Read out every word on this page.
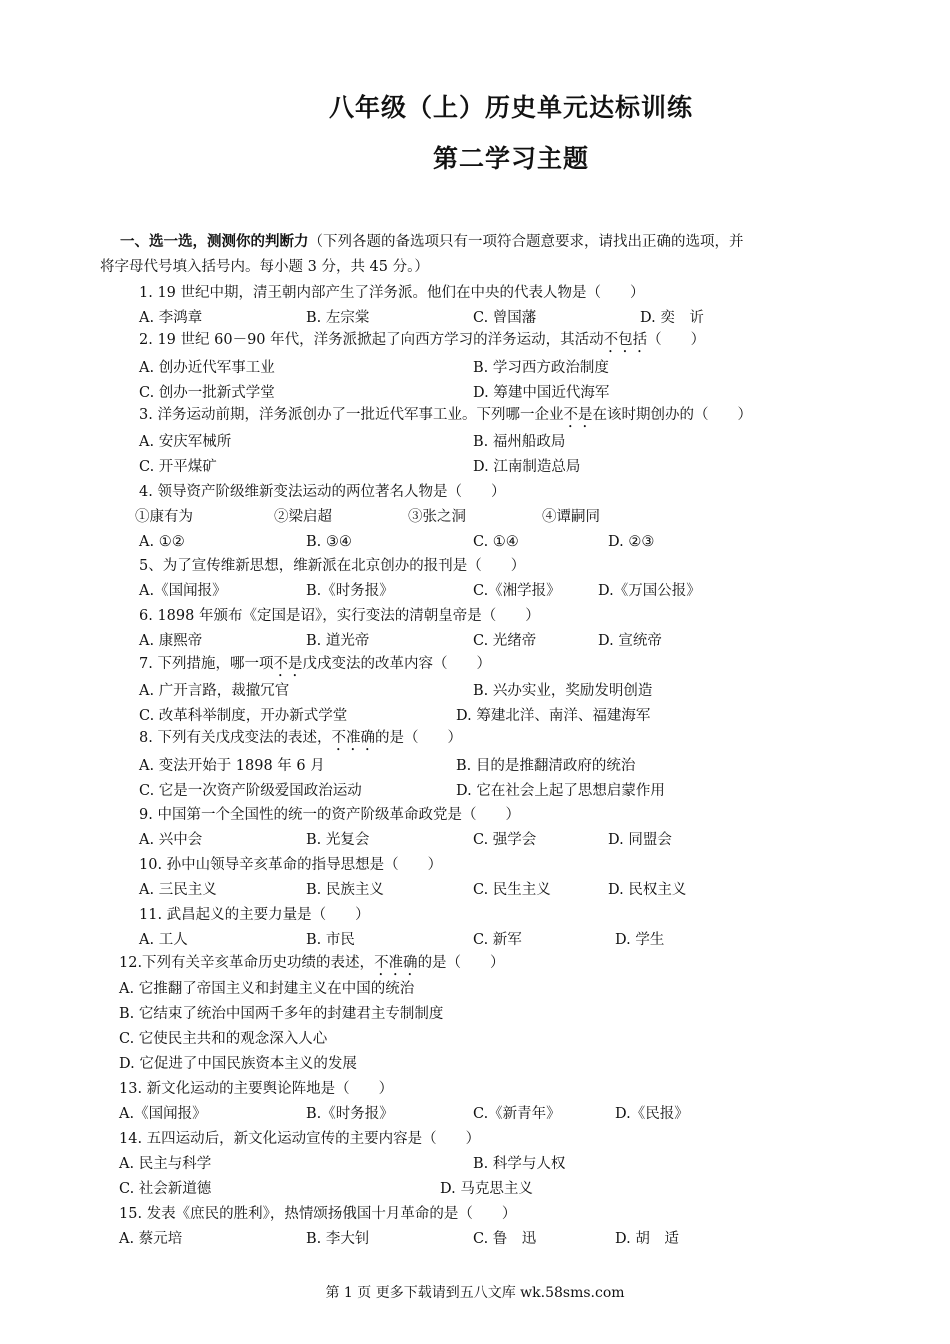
八年级（上）历史单元达标训练
第二学习主题
一、选一选，测测你的判断力（下列各题的备选项只有一项符合题意要求，请找出正确的选项，并
将字母代号填入括号内。每小题 3 分，共 45 分。）
1. 19 世纪中期，清王朝内部产生了洋务派。他们在中央的代表人物是（　　）
A. 李鸿章	B. 左宗棠	C. 曾国藩	D. 奕　䜣
2. 19 世纪 60－90 年代，洋务派掀起了向西方学习的洋务运动，其活动不包括（　　）
A. 创办近代军事工业	B. 学习西方政治制度
C. 创办一批新式学堂	D. 筹建中国近代海军
3. 洋务运动前期，洋务派创办了一批近代军事工业。下列哪一企业不是在该时期创办的（　　）
A. 安庆军械所	B. 福州船政局
C. 开平煤矿	D. 江南制造总局
4. 领导资产阶级维新变法运动的两位著名人物是（　　）
①康有为	②梁启超	③张之洞	④谭嗣同
A. ①②	B. ③④	C. ①④	D. ②③
5、为了宣传维新思想，维新派在北京创办的报刊是（　　）
A.《国闻报》	B.《时务报》	C.《湘学报》	D.《万国公报》
6. 1898 年颁布《定国是诏》，实行变法的清朝皇帝是（　　）
A. 康熙帝	B. 道光帝	C. 光绪帝	D. 宣统帝
7. 下列措施，哪一项不是戊戌变法的改革内容（　　）
A. 广开言路，裁撤冗官	B. 兴办实业，奖励发明创造
C. 改革科举制度，开办新式学堂	D. 筹建北洋、南洋、福建海军
8. 下列有关戊戌变法的表述，不准确的是（　　）
A. 变法开始于 1898 年 6 月	B. 目的是推翻清政府的统治
C. 它是一次资产阶级爱国政治运动	D. 它在社会上起了思想启蒙作用
9. 中国第一个全国性的统一的资产阶级革命政党是（　　）
A. 兴中会	B. 光复会	C. 强学会	D. 同盟会
10. 孙中山领导辛亥革命的指导思想是（　　）
A. 三民主义	B. 民族主义	C. 民生主义	D. 民权主义
11. 武昌起义的主要力量是（　　）
A. 工人	B. 市民	C. 新军	D. 学生
12.下列有关辛亥革命历史功绩的表述，不准确的是（　　）
A. 它推翻了帝国主义和封建主义在中国的统治
B. 它结束了统治中国两千多年的封建君主专制制度
C. 它使民主共和的观念深入人心
D. 它促进了中国民族资本主义的发展
13. 新文化运动的主要舆论阵地是（　　）
A.《国闻报》	B.《时务报》	C.《新青年》	D.《民报》
14. 五四运动后，新文化运动宣传的主要内容是（　　）
A. 民主与科学	B. 科学与人权
C. 社会新道德	D. 马克思主义
15. 发表《庶民的胜利》，热情颂扬俄国十月革命的是（　　）
A. 蔡元培	B. 李大钊	C. 鲁　迅	D. 胡　适
第 1 页 更多下载请到五八文库 wk.58sms.com
